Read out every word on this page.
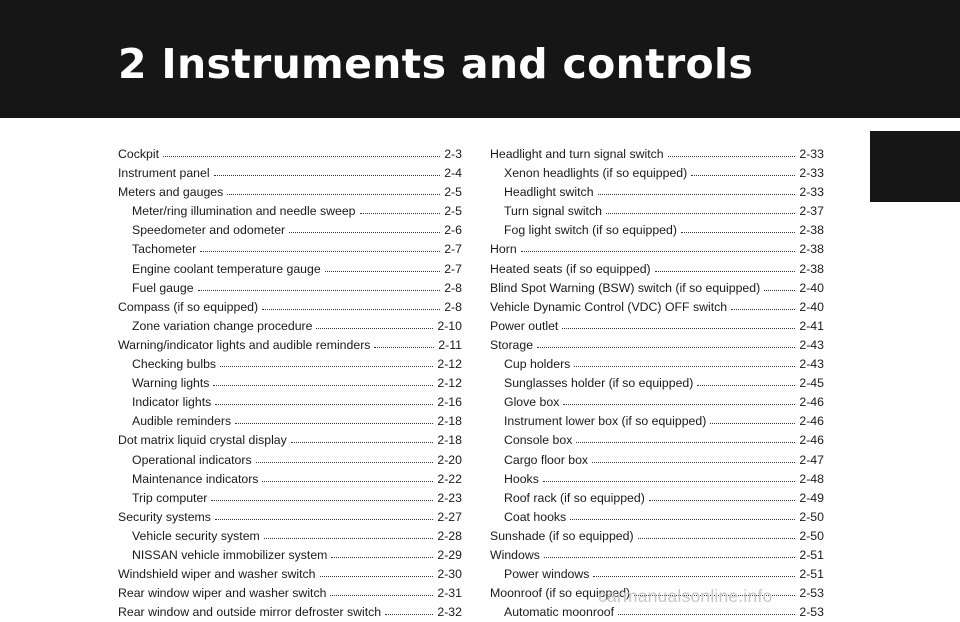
2 Instruments and controls
Cockpit	2-3
Instrument panel	2-4
Meters and gauges	2-5
Meter/ring illumination and needle sweep	2-5
Speedometer and odometer	2-6
Tachometer	2-7
Engine coolant temperature gauge	2-7
Fuel gauge	2-8
Compass (if so equipped)	2-8
Zone variation change procedure	2-10
Warning/indicator lights and audible reminders	2-11
Checking bulbs	2-12
Warning lights	2-12
Indicator lights	2-16
Audible reminders	2-18
Dot matrix liquid crystal display	2-18
Operational indicators	2-20
Maintenance indicators	2-22
Trip computer	2-23
Security systems	2-27
Vehicle security system	2-28
NISSAN vehicle immobilizer system	2-29
Windshield wiper and washer switch	2-30
Rear window wiper and washer switch	2-31
Rear window and outside mirror defroster switch	2-32
Headlight and turn signal switch	2-33
Xenon headlights (if so equipped)	2-33
Headlight switch	2-33
Turn signal switch	2-37
Fog light switch (if so equipped)	2-38
Horn	2-38
Heated seats (if so equipped)	2-38
Blind Spot Warning (BSW) switch (if so equipped)	2-40
Vehicle Dynamic Control (VDC) OFF switch	2-40
Power outlet	2-41
Storage	2-43
Cup holders	2-43
Sunglasses holder (if so equipped)	2-45
Glove box	2-46
Instrument lower box (if so equipped)	2-46
Console box	2-46
Cargo floor box	2-47
Hooks	2-48
Roof rack (if so equipped)	2-49
Coat hooks	2-50
Sunshade (if so equipped)	2-50
Windows	2-51
Power windows	2-51
Moonroof (if so equipped)	2-53
Automatic moonroof	2-53

carmanualsonline.info
